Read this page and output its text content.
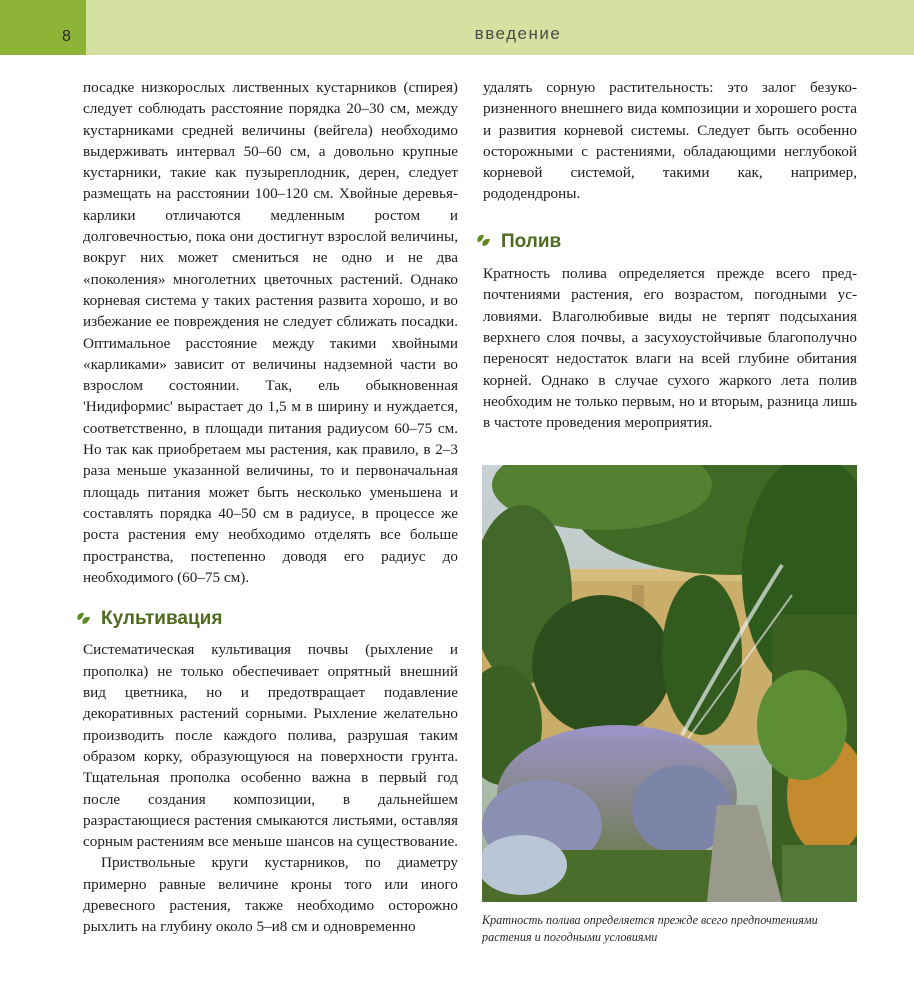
8	введение

посадке низкорослых лиственных кустарников (спирея) следует соблюдать расстояние порядка 20–30 см, между кустарниками средней величины (вейгела) необходимо выдерживать интервал 50–60 см, а довольно крупные кустарники, такие как пузыреплодник, дерен, следует размещать на расстоянии 100–120 см. Хвойные деревья-карлики отличаются медленным ростом и долговечностью, пока они достигнут взрослой величины, вокруг них может смениться не одно и не два «поколения» многолетних цветочных растений. Однако корневая система у таких растения развита хорошо, и во избежание ее повреждения не следует сближать посадки. Оптимальное расстояние между такими хвойными «карликами» зависит от величины надземной части во взрослом состоянии. Так, ель обыкновенная 'Нидиформис' вырастает до 1,5 м в ширину и нуждается, соответственно, в площади питания радиусом 60–75 см. Но так как приобретаем мы растения, как правило, в 2–3 раза меньше указанной величины, то и первоначальная площадь питания может быть несколько уменьшена и составлять порядка 40–50 см в радиусе, в процессе же роста растения ему необходимо отделять все больше пространства, постепенно доводя его радиус до необходимого (60–75 см).

Культивация

Систематическая культивация почвы (рыхление и прополка) не только обеспечивает опрятный внешний вид цветника, но и предотвращает подавление декоративных растений сорными. Рыхление желательно производить после каждого полива, разрушая таким образом корку, образующуюся на поверхности грунта. Тщательная прополка особенно важна в первый год после создания композиции, в дальнейшем разрастающиеся растения смыкаются листьями, оставляя сорным растениям все меньше шансов на существование.

Приствольные круги кустарников, по диаметру примерно равные величине кроны того или иного древесного растения, также необходимо осторожно рыхлить на глубину около 5–и8 см и одновременно

удалять сорную растительность: это залог безукоризненного внешнего вида композиции и хорошего роста и развития корневой системы. Следует быть особенно осторожными с растениями, обладающими неглубокой корневой системой, такими как, например, рододендроны.

Полив

Кратность полива определяется прежде всего предпочтениями растения, его возрастом, погодными условиями. Влаголюбивые виды не терпят подсыхания верхнего слоя почвы, а засухоустойчивые благополучно переносят недостаток влаги на всей глубине обитания корней. Однако в случае сухого жаркого лета полив необходим не только первым, но и вторым, разница лишь в частоте проведения мероприятия.

Кратность полива определяется прежде всего предпочтениями растения и погодными условиями
